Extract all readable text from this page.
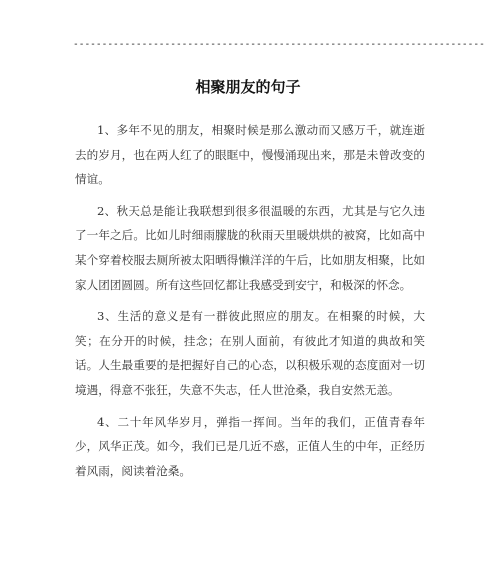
------------------------------------------------------------------------
相聚朋友的句子

1、多年不见的朋友，相聚时候是那么激动而又感万千，就连逝去的岁月，也在两人红了的眼眶中，慢慢涌现出来，那是未曾改变的情谊。

2、秋天总是能让我联想到很多很温暖的东西，尤其是与它久违了一年之后。比如儿时细雨朦胧的秋雨天里暖烘烘的被窝，比如高中某个穿着校服去厕所被太阳晒得懒洋洋的午后，比如朋友相聚，比如家人团团圆圆。所有这些回忆都让我感受到安宁，和极深的怀念。

3、生活的意义是有一群彼此照应的朋友。在相聚的时候，大笑；在分开的时候，挂念；在别人面前，有彼此才知道的典故和笑话。人生最重要的是把握好自己的心态，以积极乐观的态度面对一切境遇，得意不张狂，失意不失志，任人世沧桑，我自安然无恙。

4、二十年风华岁月，弹指一挥间。当年的我们，正值青春年少，风华正茂。如今，我们已是几近不惑，正值人生的中年，正经历着风雨，阅读着沧桑。
